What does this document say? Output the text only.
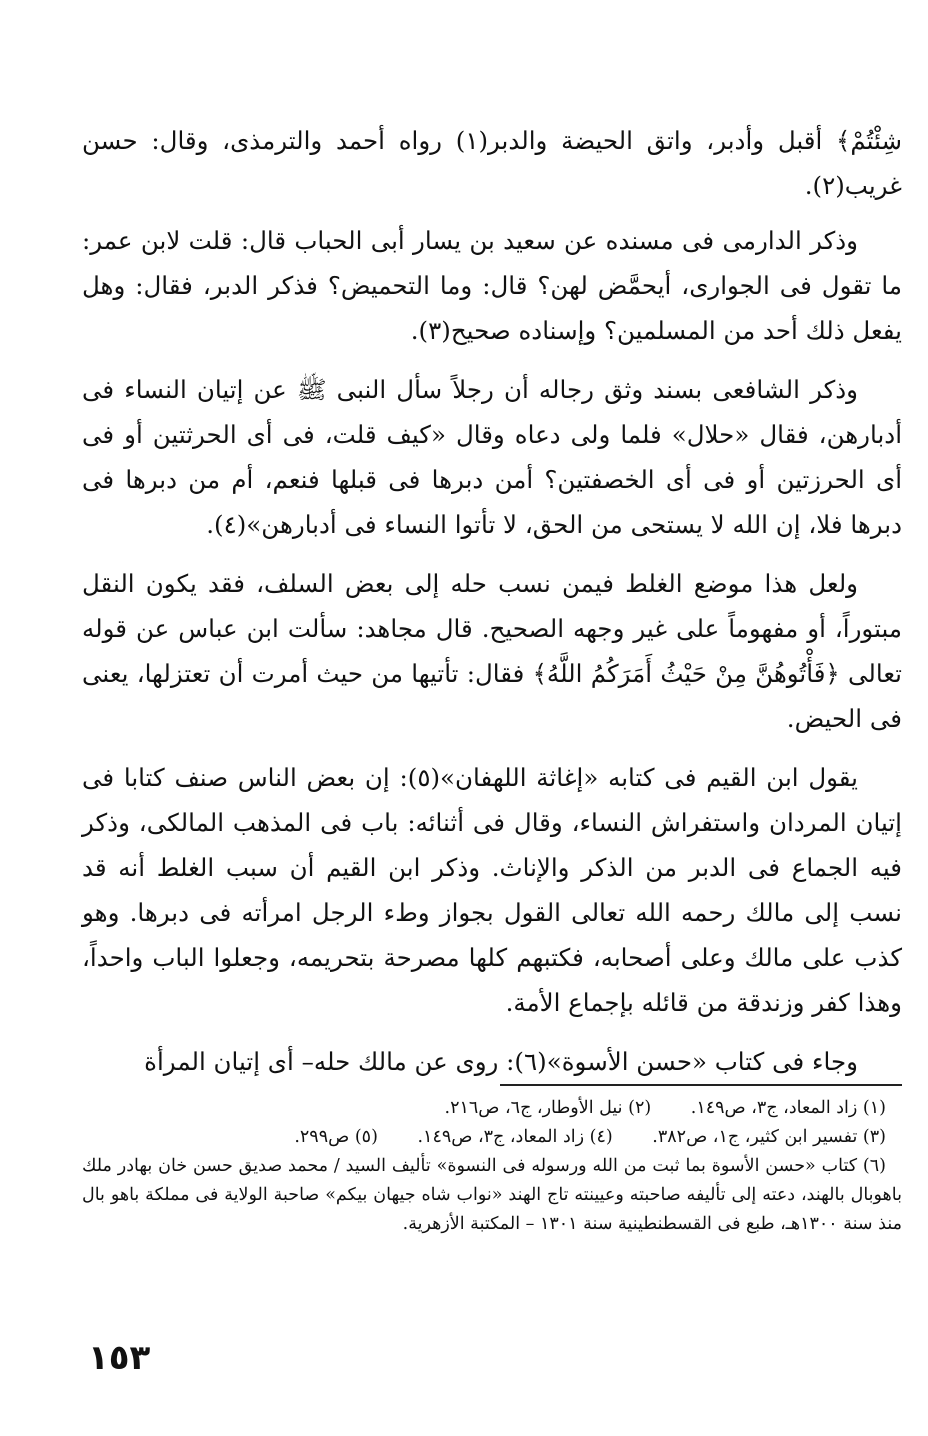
شِئْتُمْ﴾ أقبل وأدبر، واتق الحيضة والدبر(١) رواه أحمد والترمذى، وقال: حسن غريب(٢).

وذكر الدارمى فى مسنده عن سعيد بن يسار أبى الحباب قال: قلت لابن عمر: ما تقول فى الجوارى، أيحمَّض لهن؟ قال: وما التحميض؟ فذكر الدبر، فقال: وهل يفعل ذلك أحد من المسلمين؟ وإسناده صحيح(٣).

وذكر الشافعى بسند وثق رجاله أن رجلاً سأل النبى ﷺ عن إتيان النساء فى أدبارهن، فقال «حلال» فلما ولى دعاه وقال «كيف قلت، فى أى الحرثتين أو فى أى الحرزتين أو فى أى الخصفتين؟ أمن دبرها فى قبلها فنعم، أم من دبرها فى دبرها فلا، إن الله لا يستحى من الحق، لا تأتوا النساء فى أدبارهن»(٤).

ولعل هذا موضع الغلط فيمن نسب حله إلى بعض السلف، فقد يكون النقل مبتوراً، أو مفهوماً على غير وجهه الصحيح. قال مجاهد: سألت ابن عباس عن قوله تعالى ﴿فَأْتُوهُنَّ مِنْ حَيْثُ أَمَرَكُمُ اللَّهُ﴾ فقال: تأتيها من حيث أمرت أن تعتزلها، يعنى فى الحيض.

يقول ابن القيم فى كتابه «إغاثة اللهفان»(٥): إن بعض الناس صنف كتابا فى إتيان المردان واستفراش النساء، وقال فى أثنائه: باب فى المذهب المالكى، وذكر فيه الجماع فى الدبر من الذكر والإناث. وذكر ابن القيم أن سبب الغلط أنه قد نسب إلى مالك رحمه الله تعالى القول بجواز وطء الرجل امرأته فى دبرها. وهو كذب على مالك وعلى أصحابه، فكتبهم كلها مصرحة بتحريمه، وجعلوا الباب واحداً، وهذا كفر وزندقة من قائله بإجماع الأمة.

وجاء فى كتاب «حسن الأسوة»(٦): روى عن مالك حله– أى إتيان المرأة

(١) زاد المعاد، ج٣، ص١٤٩. (٢) نيل الأوطار، ج٦، ص٢١٦.
(٣) تفسير ابن كثير، ج١، ص٣٨٢. (٤) زاد المعاد، ج٣، ص١٤٩. (٥) ص٢٩٩.
(٦) كتاب «حسن الأسوة بما ثبت من الله ورسوله فى النسوة» تأليف السيد / محمد صديق حسن خان بهادر ملك باهوبال بالهند، دعته إلى تأليفه صاحبته وعيينته تاج الهند «نواب شاه جيهان بيكم» صاحبة الولاية فى مملكة باهو بال منذ سنة ١٣٠٠هـ، طبع فى القسطنطينية سنة ١٣٠١ – المكتبة الأزهرية.
١٥٣
